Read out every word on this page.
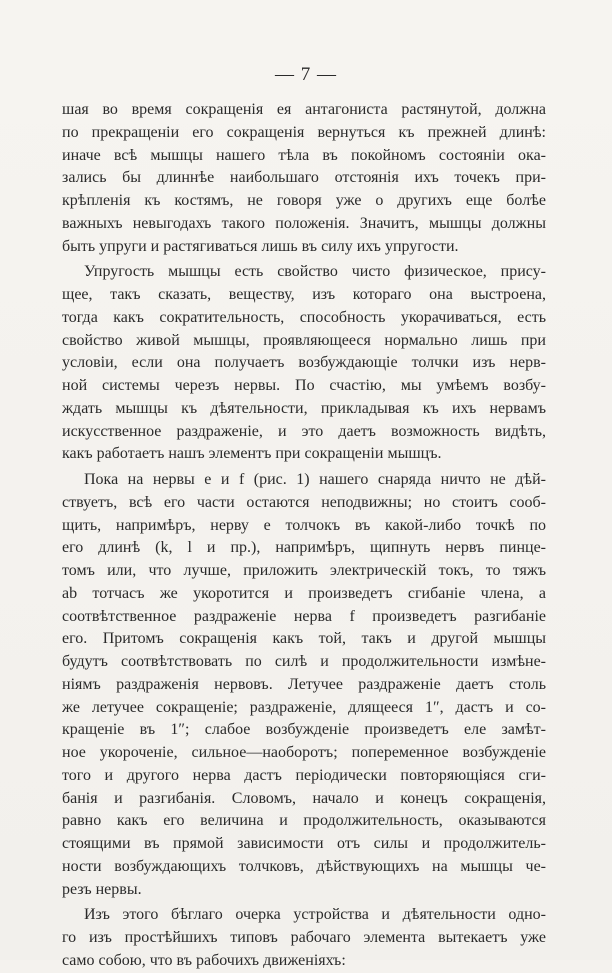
— 7 —
шая во время сокращенія ея антагониста растянутой, должна
по прекращеніи его сокращенія вернуться къ прежней длинѣ:
иначе всѣ мышцы нашего тѣла въ покойномъ состояніи ока-
зались бы длиннѣе наибольшаго отстоянія ихъ точекъ при-
крѣпленія къ костямъ, не говоря уже о другихъ еще болѣе
важныхъ невыгодахъ такого положенія. Значитъ, мышцы должны
быть упруги и растягиваться лишь въ силу ихъ упругости.
Упругость мышцы есть свойство чисто физическое, прису-
щее, такъ сказать, веществу, изъ котораго она выстроена,
тогда какъ сократительность, способность укорачиваться, есть
свойство живой мышцы, проявляющееся нормально лишь при
условіи, если она получаетъ возбуждающіе толчки изъ нерв-
ной системы черезъ нервы. По счастію, мы умѣемъ возбу-
ждать мышцы къ дѣятельности, прикладывая къ ихъ нервамъ
искусственное раздраженіе, и это даетъ возможность видѣть,
какъ работаетъ нашъ элементъ при сокращеніи мышцъ.
Пока на нервы e и f (рис. 1) нашего снаряда ничто не дѣй-
ствуетъ, всѣ его части остаются неподвижны; но стоитъ сооб-
щить, напримѣръ, нерву e толчокъ въ какой-либо точкѣ по
его длинѣ (k, l и пр.), напримѣръ, щипнуть нервъ пинце-
томъ или, что лучше, приложить электрическій токъ, то тяжъ
ab тотчасъ же укоротится и произведетъ сгибаніе члена, а
соотвѣтственное раздраженіе нерва f произведетъ разгибаніе
его. Притомъ сокращенія какъ той, такъ и другой мышцы
будутъ соотвѣтствовать по силѣ и продолжительности измѣне-
ніямъ раздраженія нервовъ. Летучее раздраженіе даетъ столь
же летучее сокращеніе; раздраженіе, длящееся 1″, дастъ и со-
кращеніе въ 1″; слабое возбужденіе произведетъ еле замѣт-
ное укороченіе, сильное—наоборотъ; попеременное возбужденіе
того и другого нерва дастъ періодически повторяющіяся сги-
банія и разгибанія. Словомъ, начало и конецъ сокращенія,
равно какъ его величина и продолжительность, оказываются
стоящими въ прямой зависимости отъ силы и продолжитель-
ности возбуждающихъ толчковъ, дѣйствующихъ на мышцы че-
резъ нервы.
Изъ этого бѣглаго очерка устройства и дѣятельности одно-
го изъ простѣйшихъ типовъ рабочаго элемента вытекаетъ уже
само собою, что въ рабочихъ движеніяхъ:
